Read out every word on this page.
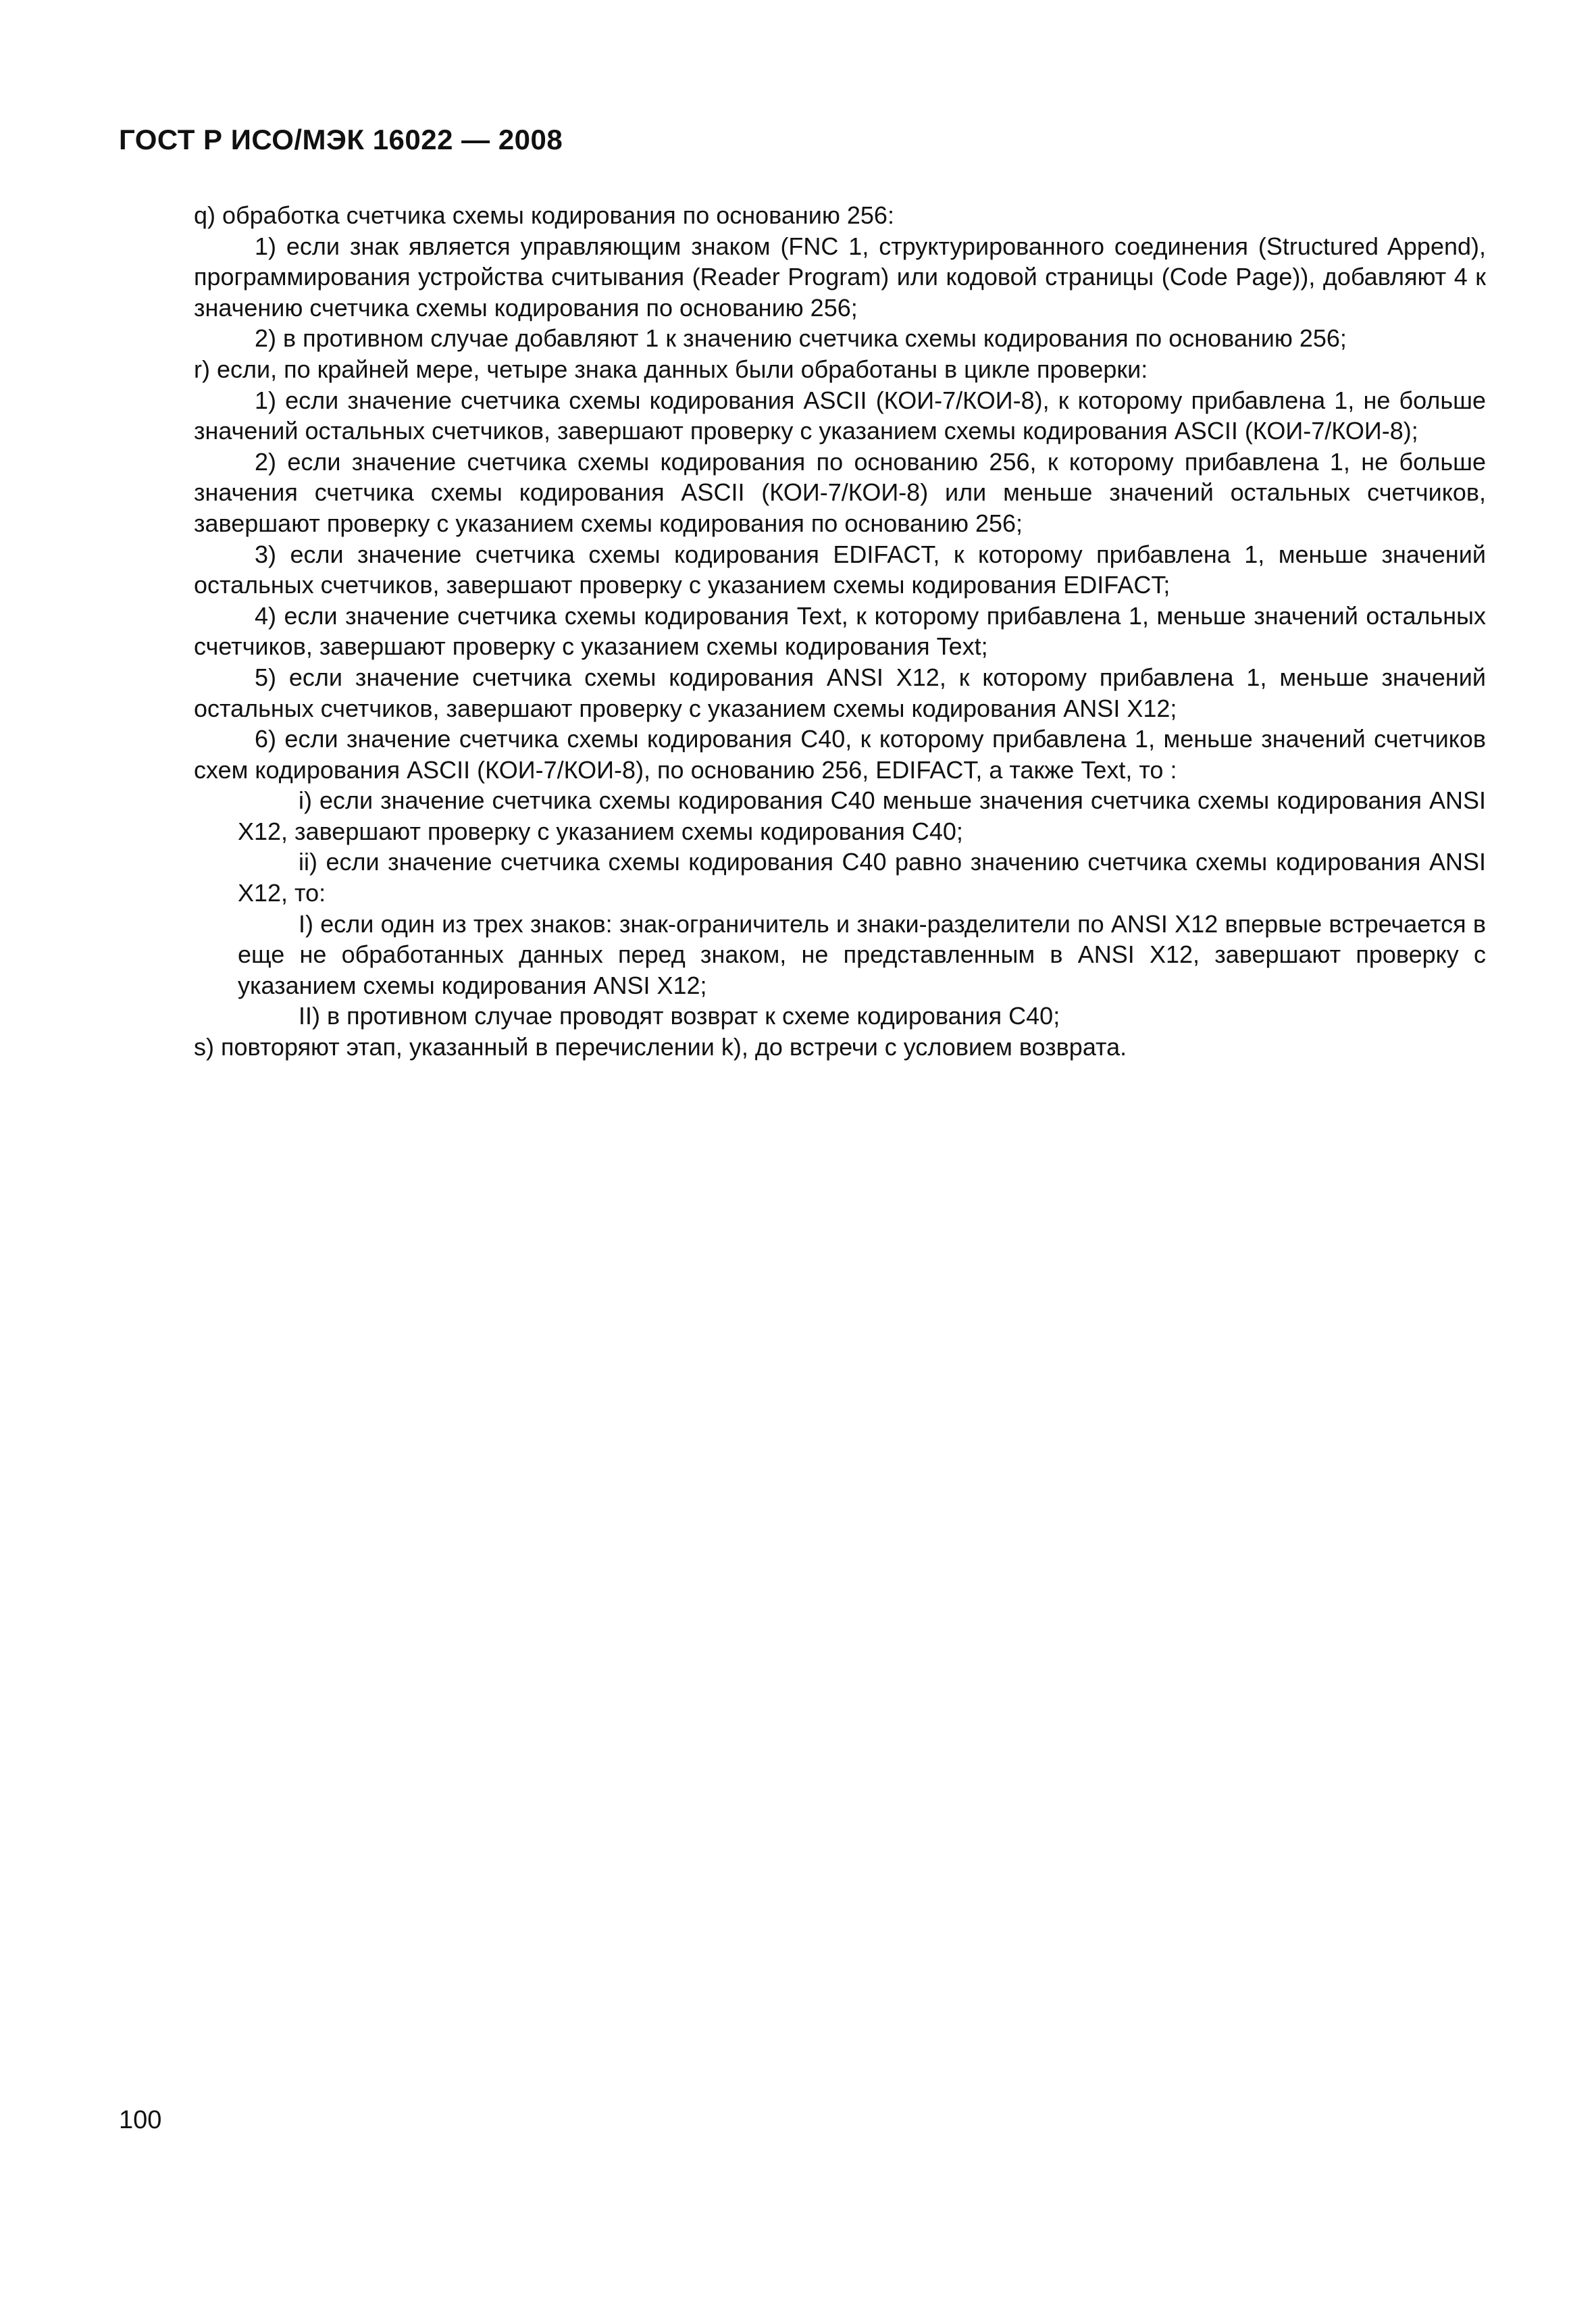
ГОСТ Р ИСО/МЭК 16022 — 2008

q) обработка счетчика схемы кодирования по основанию 256:

1) если знак является управляющим знаком (FNC 1, структурированного соединения (Structured Append), программирования устройства считывания (Reader Program) или кодовой страницы (Code Page)), добавляют 4 к значению счетчика схемы кодирования по основанию 256;

2) в противном случае добавляют 1 к значению счетчика схемы кодирования по основанию 256;

r) если, по крайней мере, четыре знака данных были обработаны в цикле проверки:

1) если значение счетчика схемы кодирования ASCII (КОИ-7/КОИ-8), к которому прибавлена 1, не больше значений остальных счетчиков, завершают проверку с указанием схемы кодирования ASCII (КОИ-7/КОИ-8);

2) если значение счетчика схемы кодирования по основанию 256, к которому прибавлена 1, не больше значения счетчика схемы кодирования ASCII (КОИ-7/КОИ-8) или меньше значений остальных счетчиков, завершают проверку с указанием схемы кодирования по основанию 256;

3) если значение счетчика схемы кодирования EDIFACT, к которому прибавлена 1, меньше значений остальных счетчиков, завершают проверку с указанием схемы кодирования EDIFACT;

4) если значение счетчика схемы кодирования Text, к которому прибавлена 1, меньше значений остальных счетчиков, завершают проверку с указанием схемы кодирования Text;

5) если значение счетчика схемы кодирования ANSI X12, к которому прибавлена 1, меньше значений остальных счетчиков, завершают проверку с указанием схемы кодирования ANSI X12;

6) если значение счетчика схемы кодирования C40, к которому прибавлена 1, меньше значений счетчиков схем кодирования ASCII (КОИ-7/КОИ-8), по основанию 256, EDIFACT, а также Text, то :

i) если значение счетчика схемы кодирования C40 меньше значения счетчика схемы кодирования ANSI X12, завершают проверку с указанием схемы кодирования C40;

ii) если значение счетчика схемы кодирования C40 равно значению счетчика схемы кодирования ANSI X12, то:

I) если один из трех знаков: знак-ограничитель и знаки-разделители по ANSI X12 впервые встречается в еще не обработанных данных перед знаком, не представленным в ANSI X12, завершают проверку с указанием схемы кодирования ANSI X12;

II) в противном случае проводят возврат к схеме кодирования C40;

s) повторяют этап, указанный в перечислении k), до встречи с условием возврата.

100
